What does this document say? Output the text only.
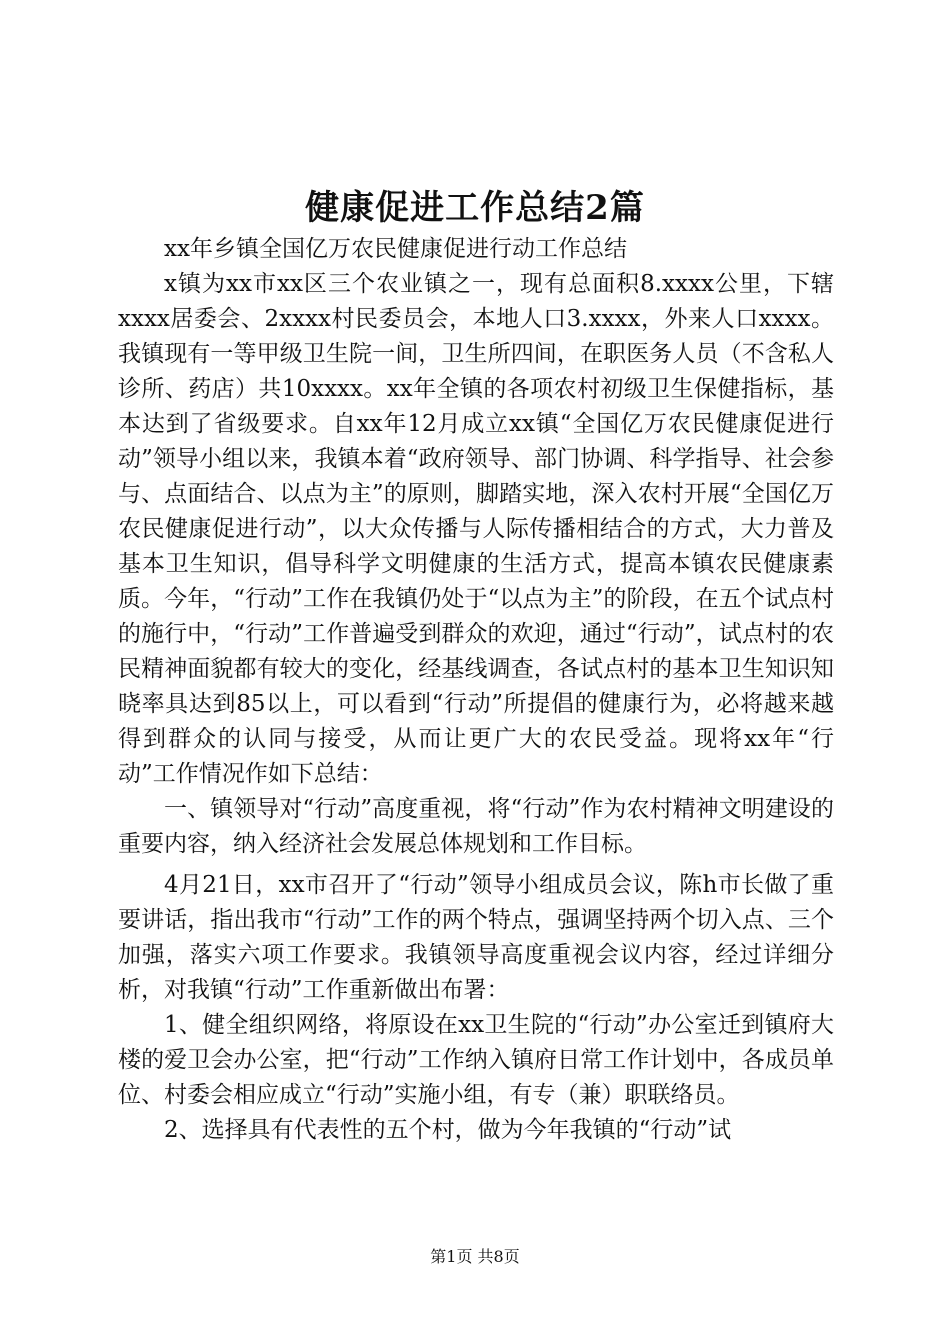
健康促进工作总结2篇

xx年乡镇全国亿万农民健康促进行动工作总结

x镇为xx市xx区三个农业镇之一，现有总面积8.xxxx公里，下辖xxxx居委会、2xxxx村民委员会，本地人口3.xxxx，外来人口xxxx。我镇现有一等甲级卫生院一间，卫生所四间，在职医务人员（不含私人诊所、药店）共10xxxx。xx年全镇的各项农村初级卫生保健指标，基本达到了省级要求。自xx年12月成立xx镇“全国亿万农民健康促进行动”领导小组以来，我镇本着“政府领导、部门协调、科学指导、社会参与、点面结合、以点为主”的原则，脚踏实地，深入农村开展“全国亿万农民健康促进行动”，以大众传播与人际传播相结合的方式，大力普及基本卫生知识，倡导科学文明健康的生活方式，提高本镇农民健康素质。今年，“行动”工作在我镇仍处于“以点为主”的阶段，在五个试点村的施行中，“行动”工作普遍受到群众的欢迎，通过“行动”，试点村的农民精神面貌都有较大的变化，经基线调查，各试点村的基本卫生知识知晓率具达到85以上，可以看到“行动”所提倡的健康行为，必将越来越得到群众的认同与接受，从而让更广大的农民受益。现将xx年“行动”工作情况作如下总结：

一、镇领导对“行动”高度重视，将“行动”作为农村精神文明建设的重要内容，纳入经济社会发展总体规划和工作目标。

4月21日，xx市召开了“行动”领导小组成员会议，陈h市长做了重要讲话，指出我市“行动”工作的两个特点，强调坚持两个切入点、三个加强，落实六项工作要求。我镇领导高度重视会议内容，经过详细分析，对我镇“行动”工作重新做出布署：

1、健全组织网络，将原设在xx卫生院的“行动”办公室迁到镇府大楼的爱卫会办公室，把“行动”工作纳入镇府日常工作计划中，各成员单位、村委会相应成立“行动”实施小组，有专（兼）职联络员。

2、选择具有代表性的五个村，做为今年我镇的“行动”试

第1页 共8页
